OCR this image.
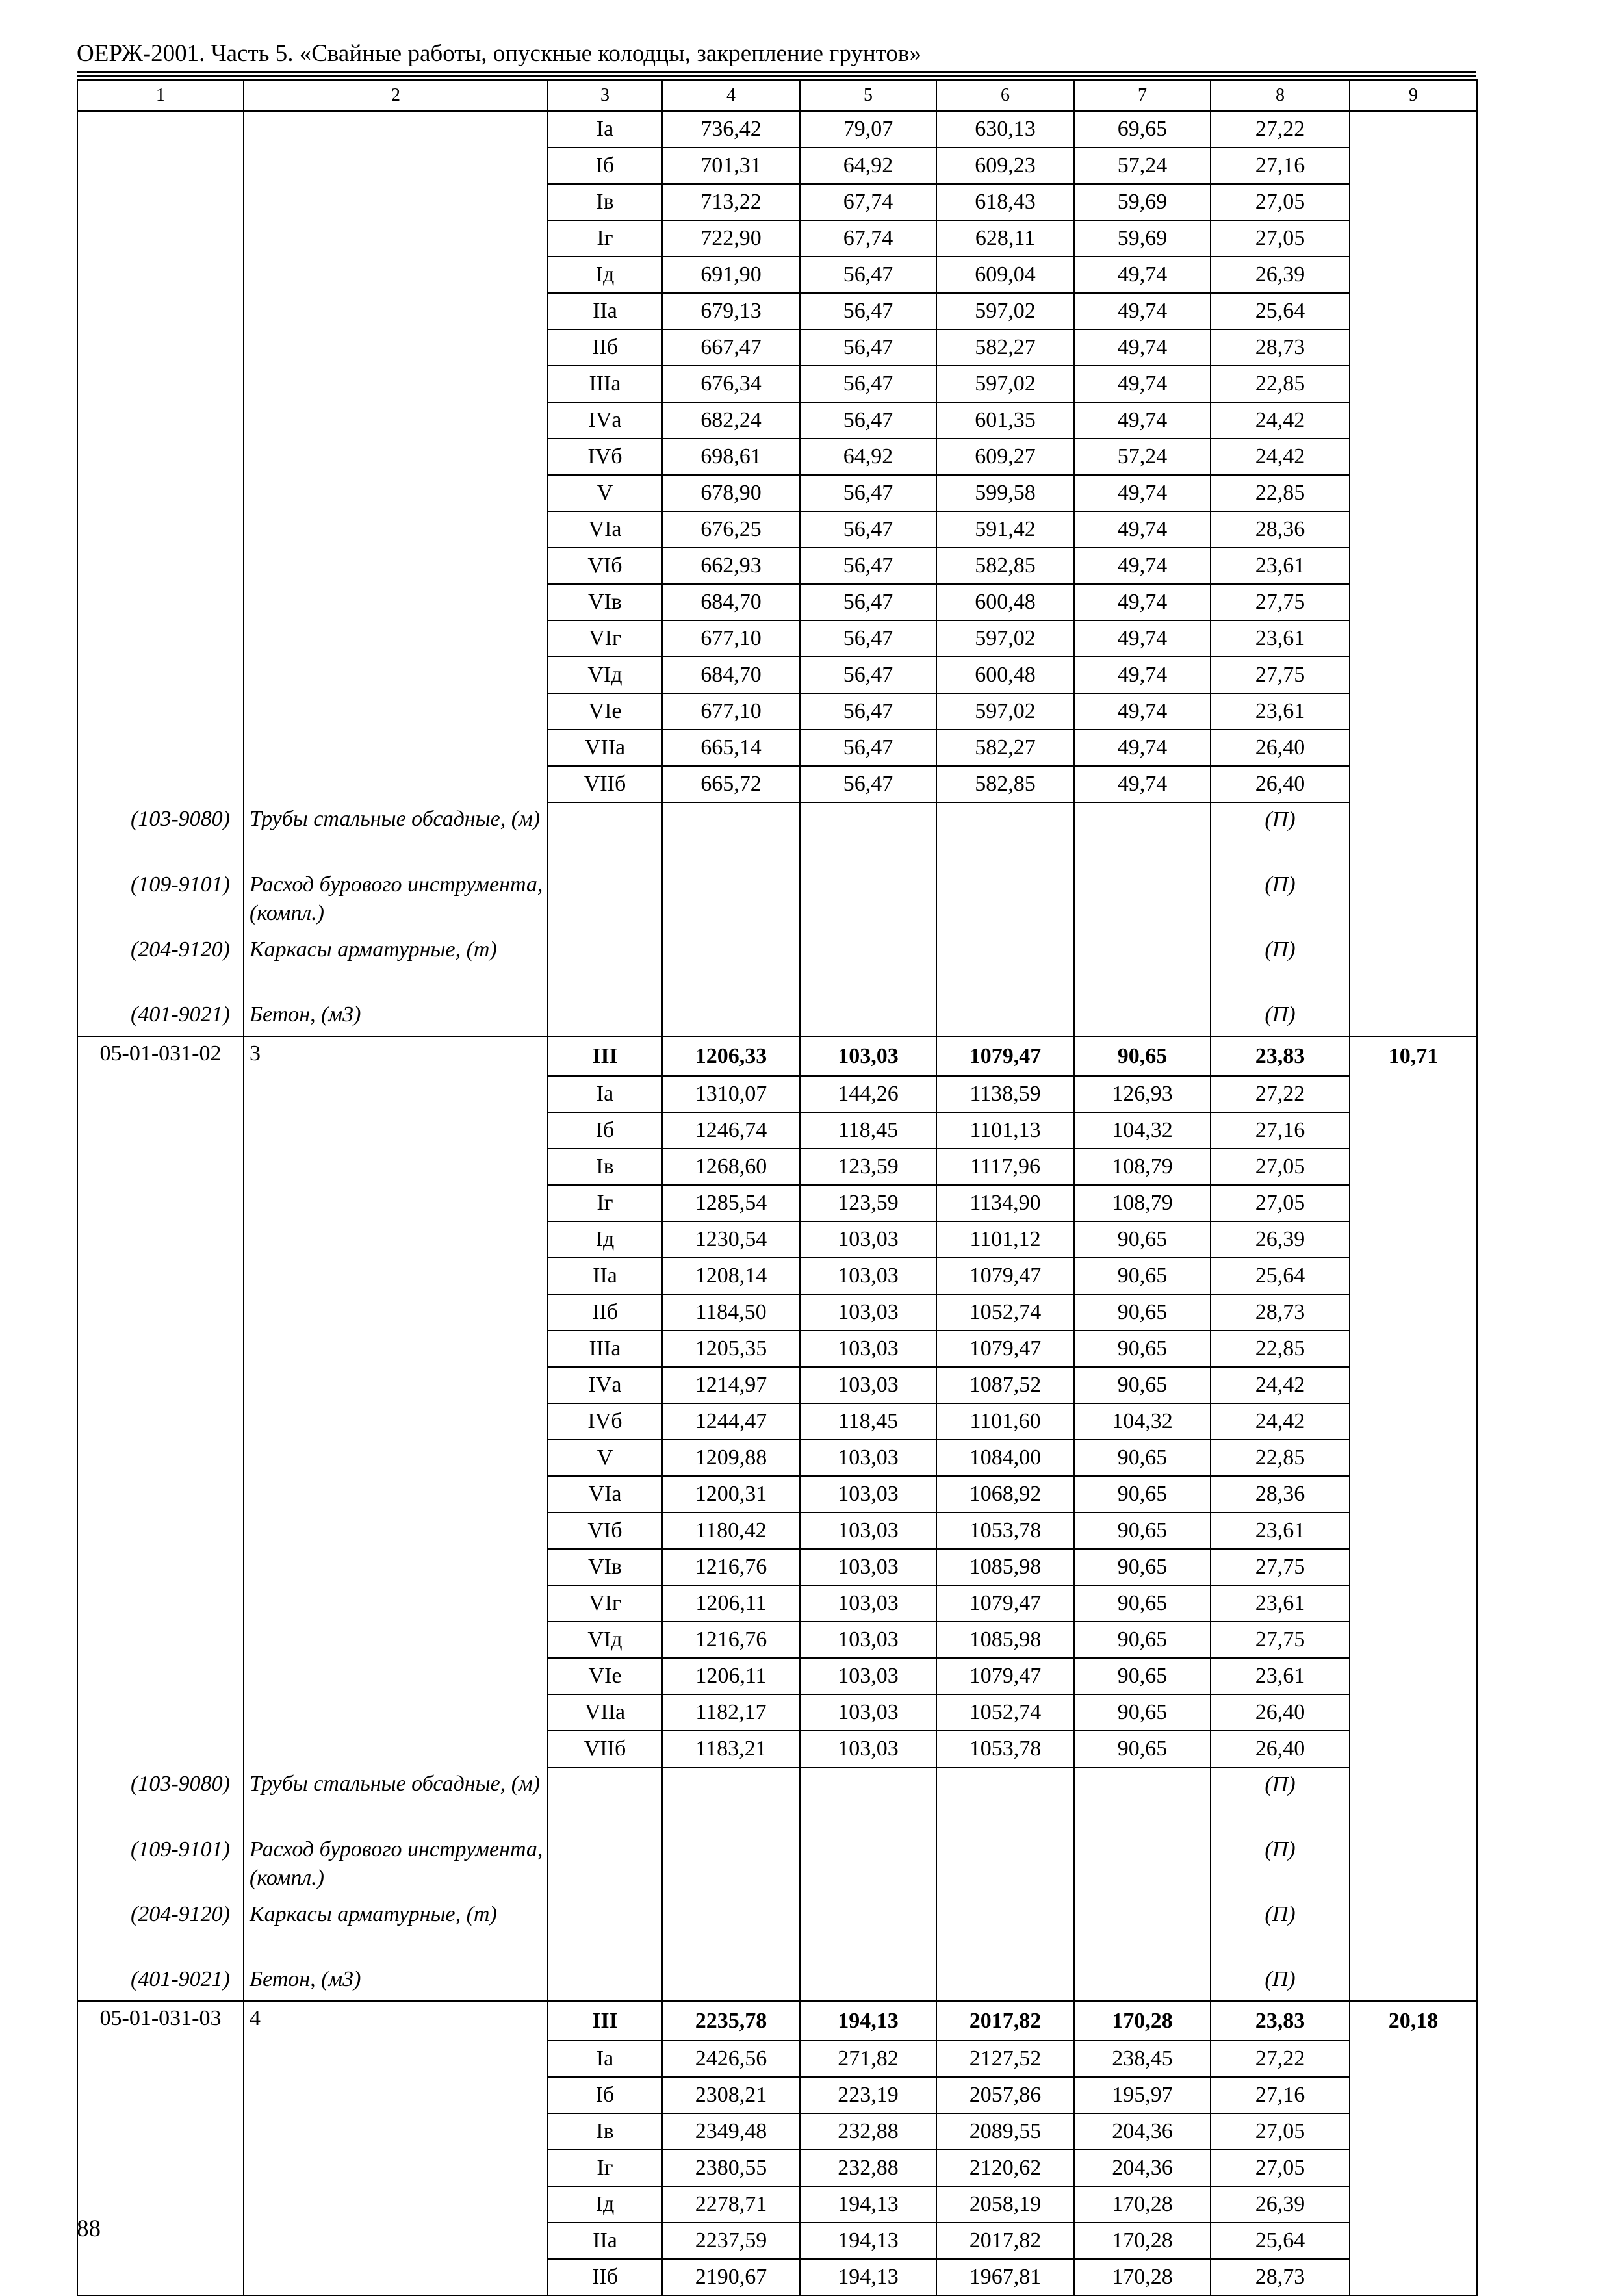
ОЕРЖ-2001. Часть 5. «Свайные работы, опускные колодцы, закрепление грунтов»
1	2	3	4	5	6	7	8	9
		Iа	736,42	79,07	630,13	69,65	27,22	
		Iб	701,31	64,92	609,23	57,24	27,16	
		Iв	713,22	67,74	618,43	59,69	27,05	
		Iг	722,90	67,74	628,11	59,69	27,05	
		Iд	691,90	56,47	609,04	49,74	26,39	
		IIа	679,13	56,47	597,02	49,74	25,64	
		IIб	667,47	56,47	582,27	49,74	28,73	
		IIIа	676,34	56,47	597,02	49,74	22,85	
		IVа	682,24	56,47	601,35	49,74	24,42	
		IVб	698,61	64,92	609,27	57,24	24,42	
		V	678,90	56,47	599,58	49,74	22,85	
		VIа	676,25	56,47	591,42	49,74	28,36	
		VIб	662,93	56,47	582,85	49,74	23,61	
		VIв	684,70	56,47	600,48	49,74	27,75	
		VIг	677,10	56,47	597,02	49,74	23,61	
		VIд	684,70	56,47	600,48	49,74	27,75	
		VIе	677,10	56,47	597,02	49,74	23,61	
		VIIа	665,14	56,47	582,27	49,74	26,40	
		VIIб	665,72	56,47	582,85	49,74	26,40	
(103-9080)	Трубы стальные обсадные, (м)						(П)	
(109-9101)	Расход бурового инструмента, (компл.)						(П)	
(204-9120)	Каркасы арматурные, (т)						(П)	
(401-9021)	Бетон, (м3)						(П)	
05-01-031-02	3	III	1206,33	103,03	1079,47	90,65	23,83	10,71
		Iа	1310,07	144,26	1138,59	126,93	27,22	
		Iб	1246,74	118,45	1101,13	104,32	27,16	
		Iв	1268,60	123,59	1117,96	108,79	27,05	
		Iг	1285,54	123,59	1134,90	108,79	27,05	
		Iд	1230,54	103,03	1101,12	90,65	26,39	
		IIа	1208,14	103,03	1079,47	90,65	25,64	
		IIб	1184,50	103,03	1052,74	90,65	28,73	
		IIIа	1205,35	103,03	1079,47	90,65	22,85	
		IVа	1214,97	103,03	1087,52	90,65	24,42	
		IVб	1244,47	118,45	1101,60	104,32	24,42	
		V	1209,88	103,03	1084,00	90,65	22,85	
		VIа	1200,31	103,03	1068,92	90,65	28,36	
		VIб	1180,42	103,03	1053,78	90,65	23,61	
		VIв	1216,76	103,03	1085,98	90,65	27,75	
		VIг	1206,11	103,03	1079,47	90,65	23,61	
		VIд	1216,76	103,03	1085,98	90,65	27,75	
		VIе	1206,11	103,03	1079,47	90,65	23,61	
		VIIа	1182,17	103,03	1052,74	90,65	26,40	
		VIIб	1183,21	103,03	1053,78	90,65	26,40	
(103-9080)	Трубы стальные обсадные, (м)						(П)	
(109-9101)	Расход бурового инструмента, (компл.)						(П)	
(204-9120)	Каркасы арматурные, (т)						(П)	
(401-9021)	Бетон, (м3)						(П)	
05-01-031-03	4	III	2235,78	194,13	2017,82	170,28	23,83	20,18
		Iа	2426,56	271,82	2127,52	238,45	27,22	
		Iб	2308,21	223,19	2057,86	195,97	27,16	
		Iв	2349,48	232,88	2089,55	204,36	27,05	
		Iг	2380,55	232,88	2120,62	204,36	27,05	
		Iд	2278,71	194,13	2058,19	170,28	26,39	
		IIа	2237,59	194,13	2017,82	170,28	25,64	
		IIб	2190,67	194,13	1967,81	170,28	28,73	
88
